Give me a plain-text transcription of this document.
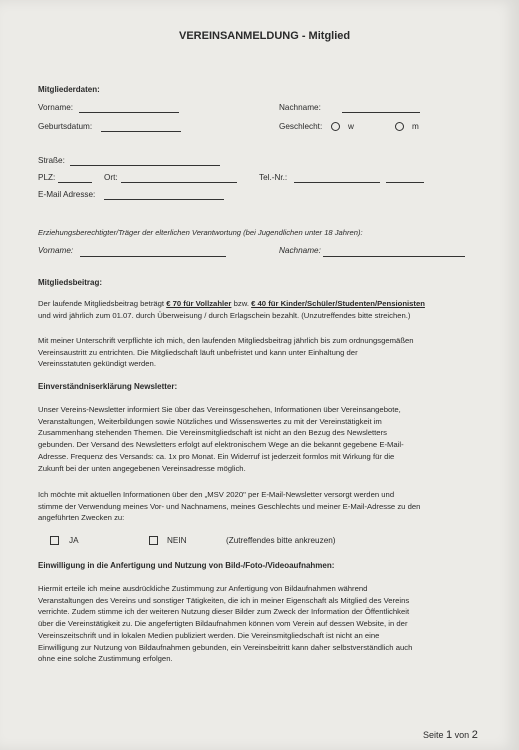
VEREINSANMELDUNG - Mitglied
Mitgliederdaten:
Vorname:	Nachname:
Geburtsdatum:	Geschlecht:	w	m
Straße:
PLZ:	Ort:	Tel.-Nr.:
E-Mail Adresse:
Erziehungsberechtigter/Träger der elterlichen Verantwortung (bei Jugendlichen unter 18 Jahren):
Vorname:	Nachname:
Mitgliedsbeitrag:
Der laufende Mitgliedsbeitrag beträgt € 70 für Vollzahler bzw. € 40 für Kinder/Schüler/Studenten/Pensionisten
und wird jährlich zum 01.07. durch Überweisung / durch Erlagschein bezahlt. (Unzutreffendes bitte streichen.)
Mit meiner Unterschrift verpflichte ich mich, den laufenden Mitgliedsbeitrag jährlich bis zum ordnungsgemäßen
Vereinsaustritt zu entrichten. Die Mitgliedschaft läuft unbefristet und kann unter Einhaltung der
Vereinsstatuten gekündigt werden.
Einverständniserklärung Newsletter:
Unser Vereins-Newsletter informiert Sie über das Vereinsgeschehen, Informationen über Vereinsangebote,
Veranstaltungen, Weiterbildungen sowie Nützliches und Wissenswertes zu mit der Vereinstätigkeit im
Zusammenhang stehenden Themen. Die Vereinsmitgliedschaft ist nicht an den Bezug des Newsletters
gebunden. Der Versand des Newsletters erfolgt auf elektronischem Wege an die bekannt gegebene E-Mail-
Adresse. Frequenz des Versands: ca. 1x pro Monat. Ein Widerruf ist jederzeit formlos mit Wirkung für die
Zukunft bei der unten angegebenen Vereinsadresse möglich.
Ich möchte mit aktuellen Informationen über den „MSV 2020" per E-Mail-Newsletter versorgt werden und
stimme der Verwendung meines Vor- und Nachnamens, meines Geschlechts und meiner E-Mail-Adresse zu den
angeführten Zwecken zu:
JA	NEIN	(Zutreffendes bitte ankreuzen)
Einwilligung in die Anfertigung und Nutzung von Bild-/Foto-/Videoaufnahmen:
Hiermit erteile ich meine ausdrückliche Zustimmung zur Anfertigung von Bildaufnahmen während
Veranstaltungen des Vereins und sonstiger Tätigkeiten, die ich in meiner Eigenschaft als Mitglied des Vereins
verrichte. Zudem stimme ich der weiteren Nutzung dieser Bilder zum Zweck der Information der Öffentlichkeit
über die Vereinstätigkeit zu. Die angefertigten Bildaufnahmen können vom Verein auf dessen Website, in der
Vereinszeitschrift und in lokalen Medien publiziert werden. Die Vereinsmitgliedschaft ist nicht an eine
Einwilligung zur Nutzung von Bildaufnahmen gebunden, ein Vereinsbeitritt kann daher selbstverständlich auch
ohne eine solche Zustimmung erfolgen.
Seite 1 von 2
